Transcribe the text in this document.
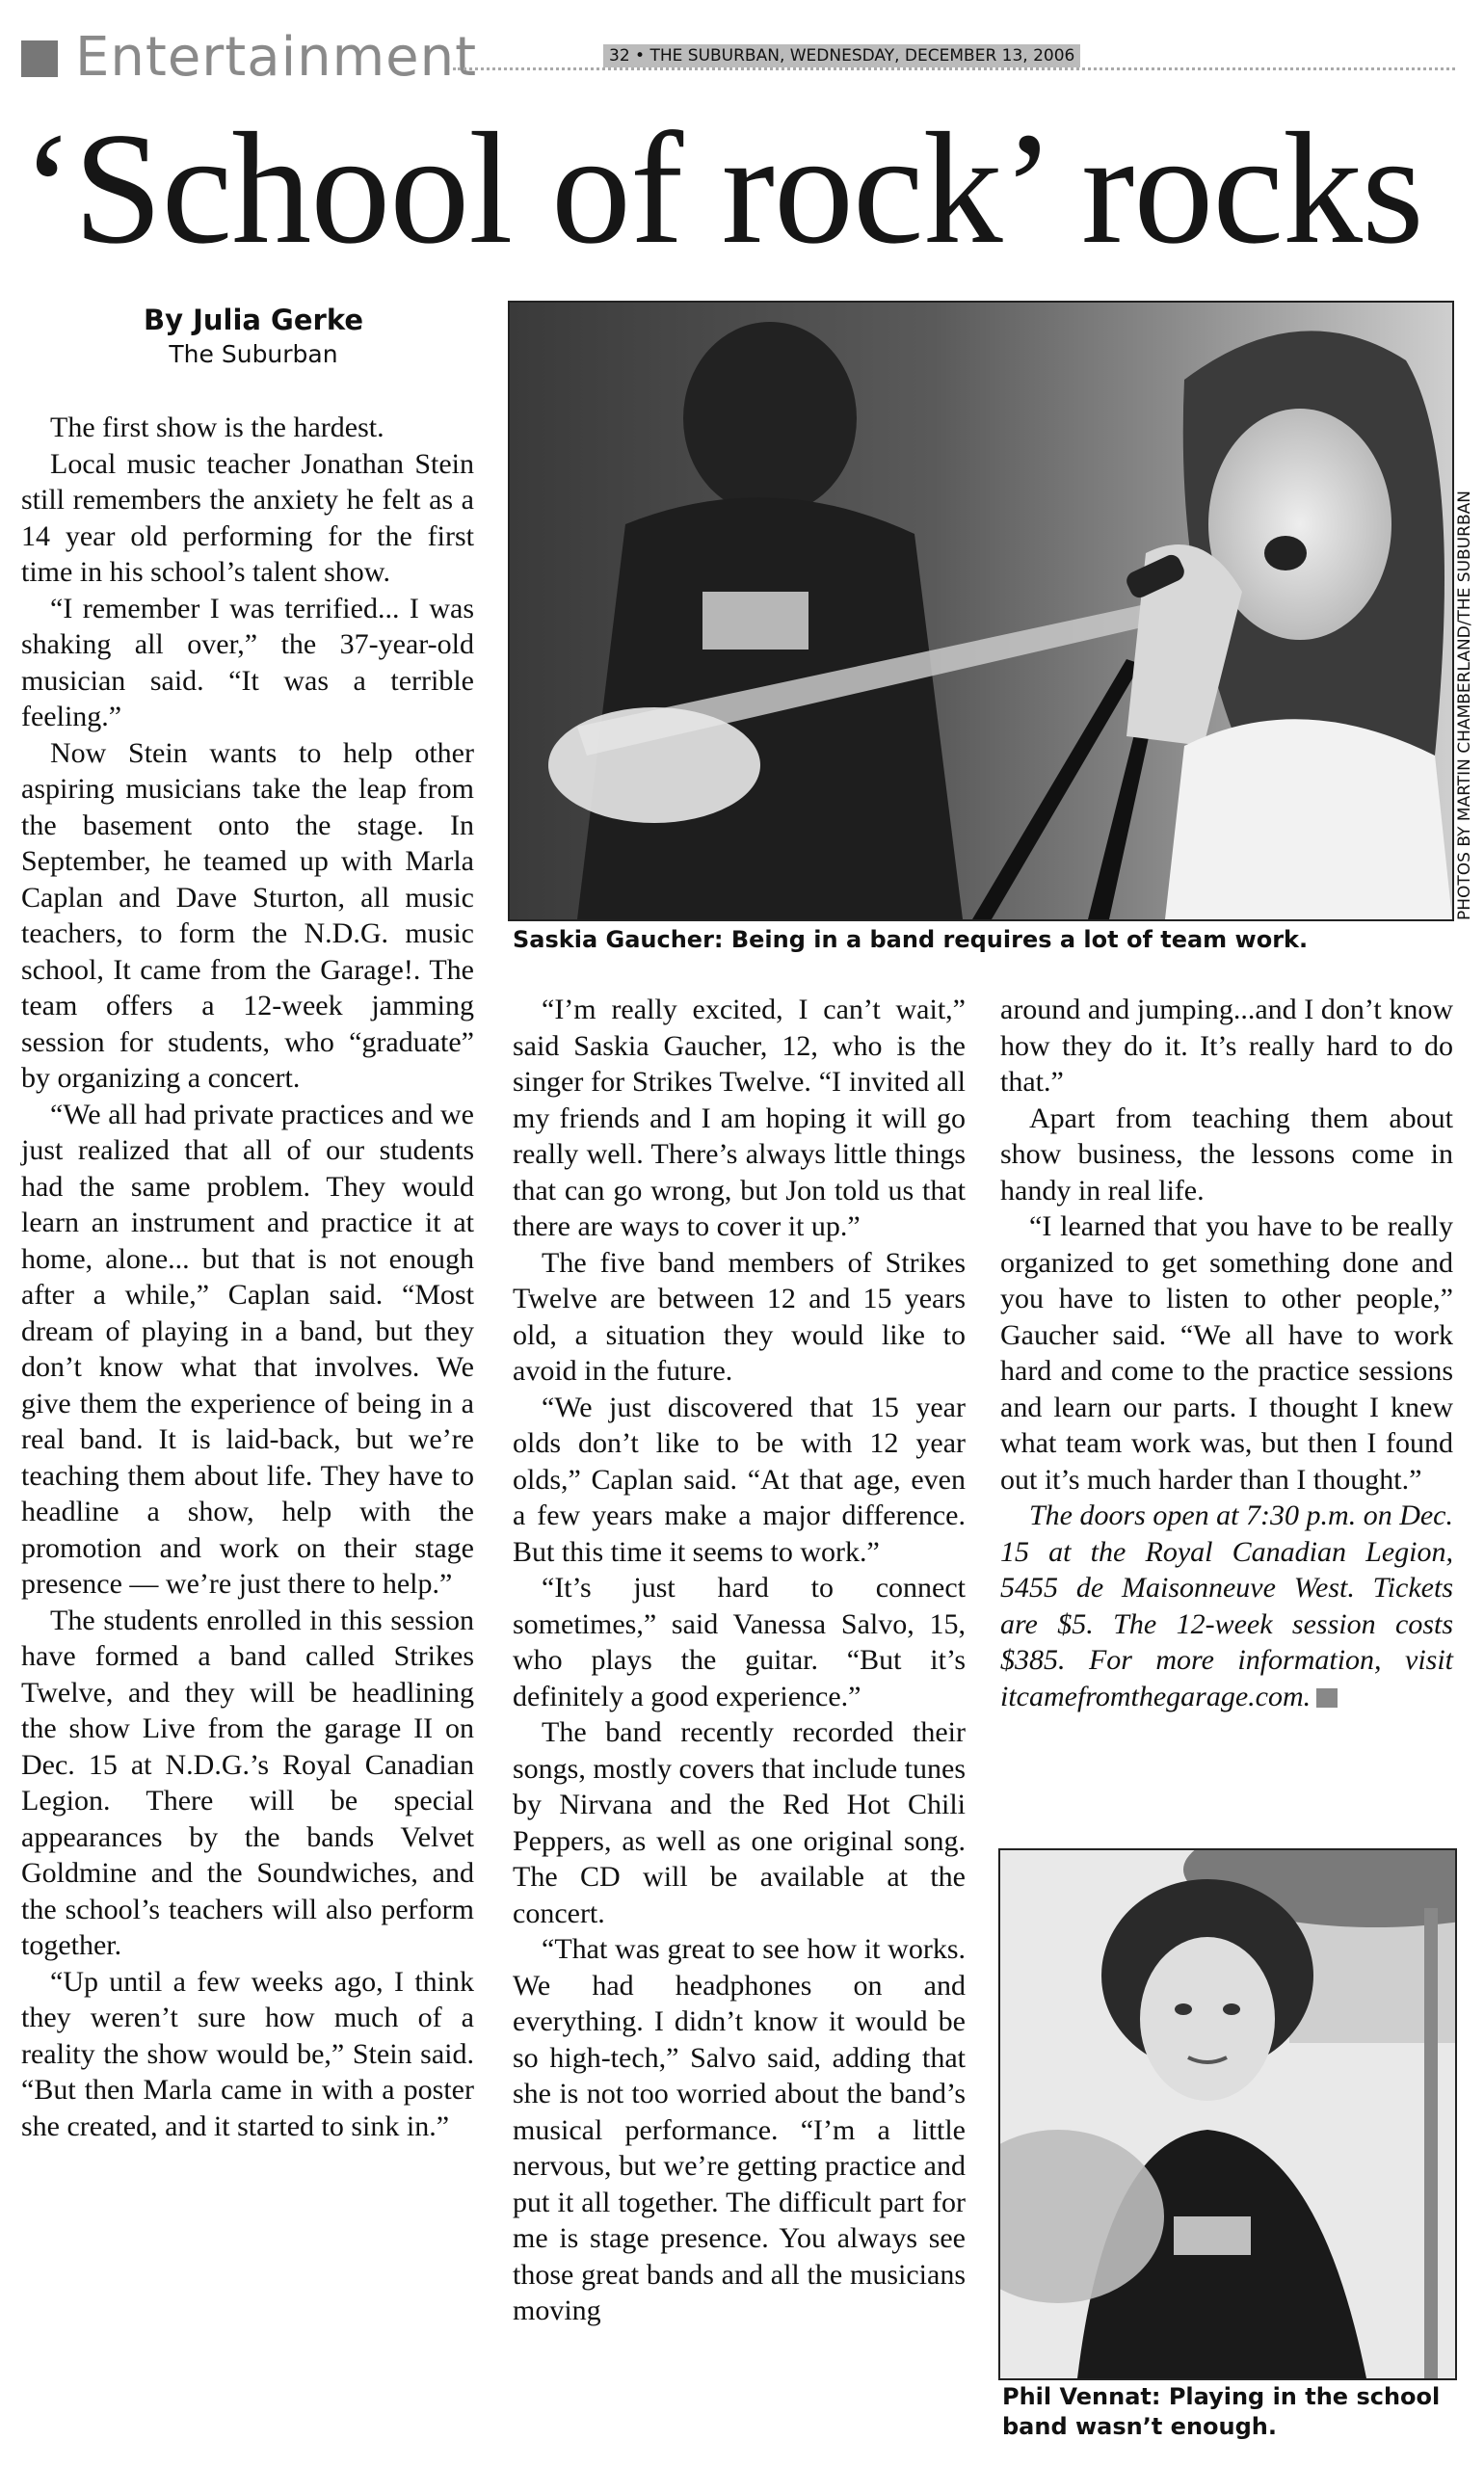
Entertainment	32 • THE SUBURBAN, WEDNESDAY, DECEMBER 13, 2006
‘School of rock’ rocks
By Julia Gerke
The Suburban

The first show is the hardest.

Local music teacher Jonathan Stein still remembers the anxiety he felt as a 14 year old performing for the first time in his school’s talent show.

“I remember I was terrified... I was shaking all over,” the 37-year-old musician said. “It was a terrible feeling.”

Now Stein wants to help other aspiring musicians take the leap from the basement onto the stage. In September, he teamed up with Marla Caplan and Dave Sturton, all music teachers, to form the N.D.G. music school, It came from the Garage!. The team offers a 12-week jamming session for students, who “graduate” by organizing a concert.

“We all had private practices and we just realized that all of our students had the same problem. They would learn an instrument and practice it at home, alone... but that is not enough after a while,” Caplan said. “Most dream of playing in a band, but they don’t know what that involves. We give them the experience of being in a real band. It is laid-back, but we’re teaching them about life. They have to headline a show, help with the promotion and work on their stage presence — we’re just there to help.”

The students enrolled in this session have formed a band called Strikes Twelve, and they will be headlining the show Live from the garage II on Dec. 15 at N.D.G.’s Royal Canadian Legion. There will be special appearances by the bands Velvet Goldmine and the Soundwiches, and the school’s teachers will also perform together.

“Up until a few weeks ago, I think they weren’t sure how much of a reality the show would be,” Stein said. “But then Marla came in with a poster she created, and it started to sink in.”

PHOTOS BY MARTIN CHAMBERLAND/THE SUBURBAN
Saskia Gaucher: Being in a band requires a lot of team work.

“I’m really excited, I can’t wait,” said Saskia Gaucher, 12, who is the singer for Strikes Twelve. “I invited all my friends and I am hoping it will go really well. There’s always little things that can go wrong, but Jon told us that there are ways to cover it up.”

The five band members of Strikes Twelve are between 12 and 15 years old, a situation they would like to avoid in the future.

“We just discovered that 15 year olds don’t like to be with 12 year olds,” Caplan said. “At that age, even a few years make a major difference. But this time it seems to work.”

“It’s just hard to connect sometimes,” said Vanessa Salvo, 15, who plays the guitar. “But it’s definitely a good experience.”

The band recently recorded their songs, mostly covers that include tunes by Nirvana and the Red Hot Chili Peppers, as well as one original song. The CD will be available at the concert.

“That was great to see how it works. We had headphones on and everything. I didn’t know it would be so high-tech,” Salvo said, adding that she is not too worried about the band’s musical performance. “I’m a little nervous, but we’re getting practice and put it all together. The difficult part for me is stage presence. You always see those great bands and all the musicians moving

around and jumping...and I don’t know how they do it. It’s really hard to do that.”

Apart from teaching them about show business, the lessons come in handy in real life.

“I learned that you have to be really organized to get something done and you have to listen to other people,” Gaucher said. “We all have to work hard and come to the practice sessions and learn our parts. I thought I knew what team work was, but then I found out it’s much harder than I thought.”

The doors open at 7:30 p.m. on Dec. 15 at the Royal Canadian Legion, 5455 de Maisonneuve West. Tickets are $5. The 12-week session costs $385. For more information, visit itcamefromthegarage.com.

Phil Vennat: Playing in the school band wasn’t enough.
